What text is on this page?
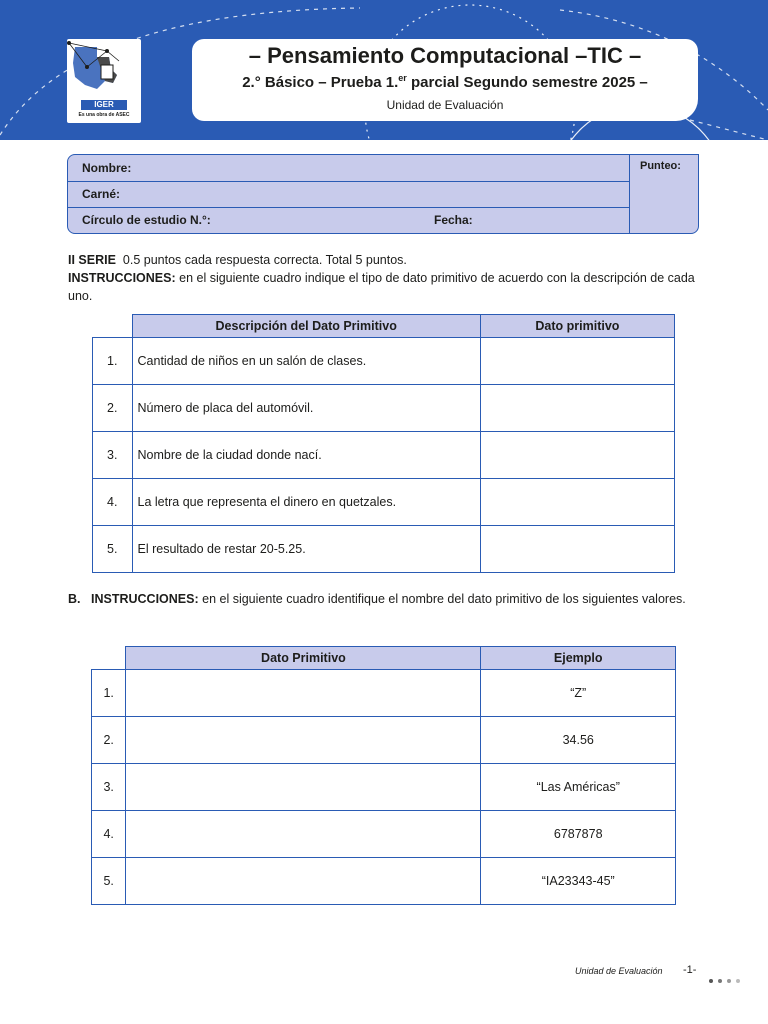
IGER
Es una obra de ASEC
– Pensamiento Computacional –TIC –
2.° Básico – Prueba 1.$^{er}$ parcial Segundo semestre 2025 –
Unidad de Evaluación
Nombre:
Carné:
Círculo de estudio N.°:	Fecha:
Punteo:
II SERIE 0.5 puntos cada respuesta correcta. Total 5 puntos.
INSTRUCCIONES: en el siguiente cuadro indique el tipo de dato primitivo de acuerdo con la descripción de cada uno.
	Descripción del Dato Primitivo	Dato primitivo
1.	Cantidad de niños en un salón de clases.	
2.	Número de placa del automóvil.	
3.	Nombre de la ciudad donde nací.	
4.	La letra que representa el dinero en quetzales.	
5.	El resultado de restar 20-5.25.	
B. INSTRUCCIONES: en el siguiente cuadro identifique el nombre del dato primitivo de los siguientes valores.
	Dato Primitivo	Ejemplo
1.		“Z”
2.		34.56
3.		“Las Américas”
4.		6787878
5.		“IA23343-45”
Unidad de Evaluación -1-
